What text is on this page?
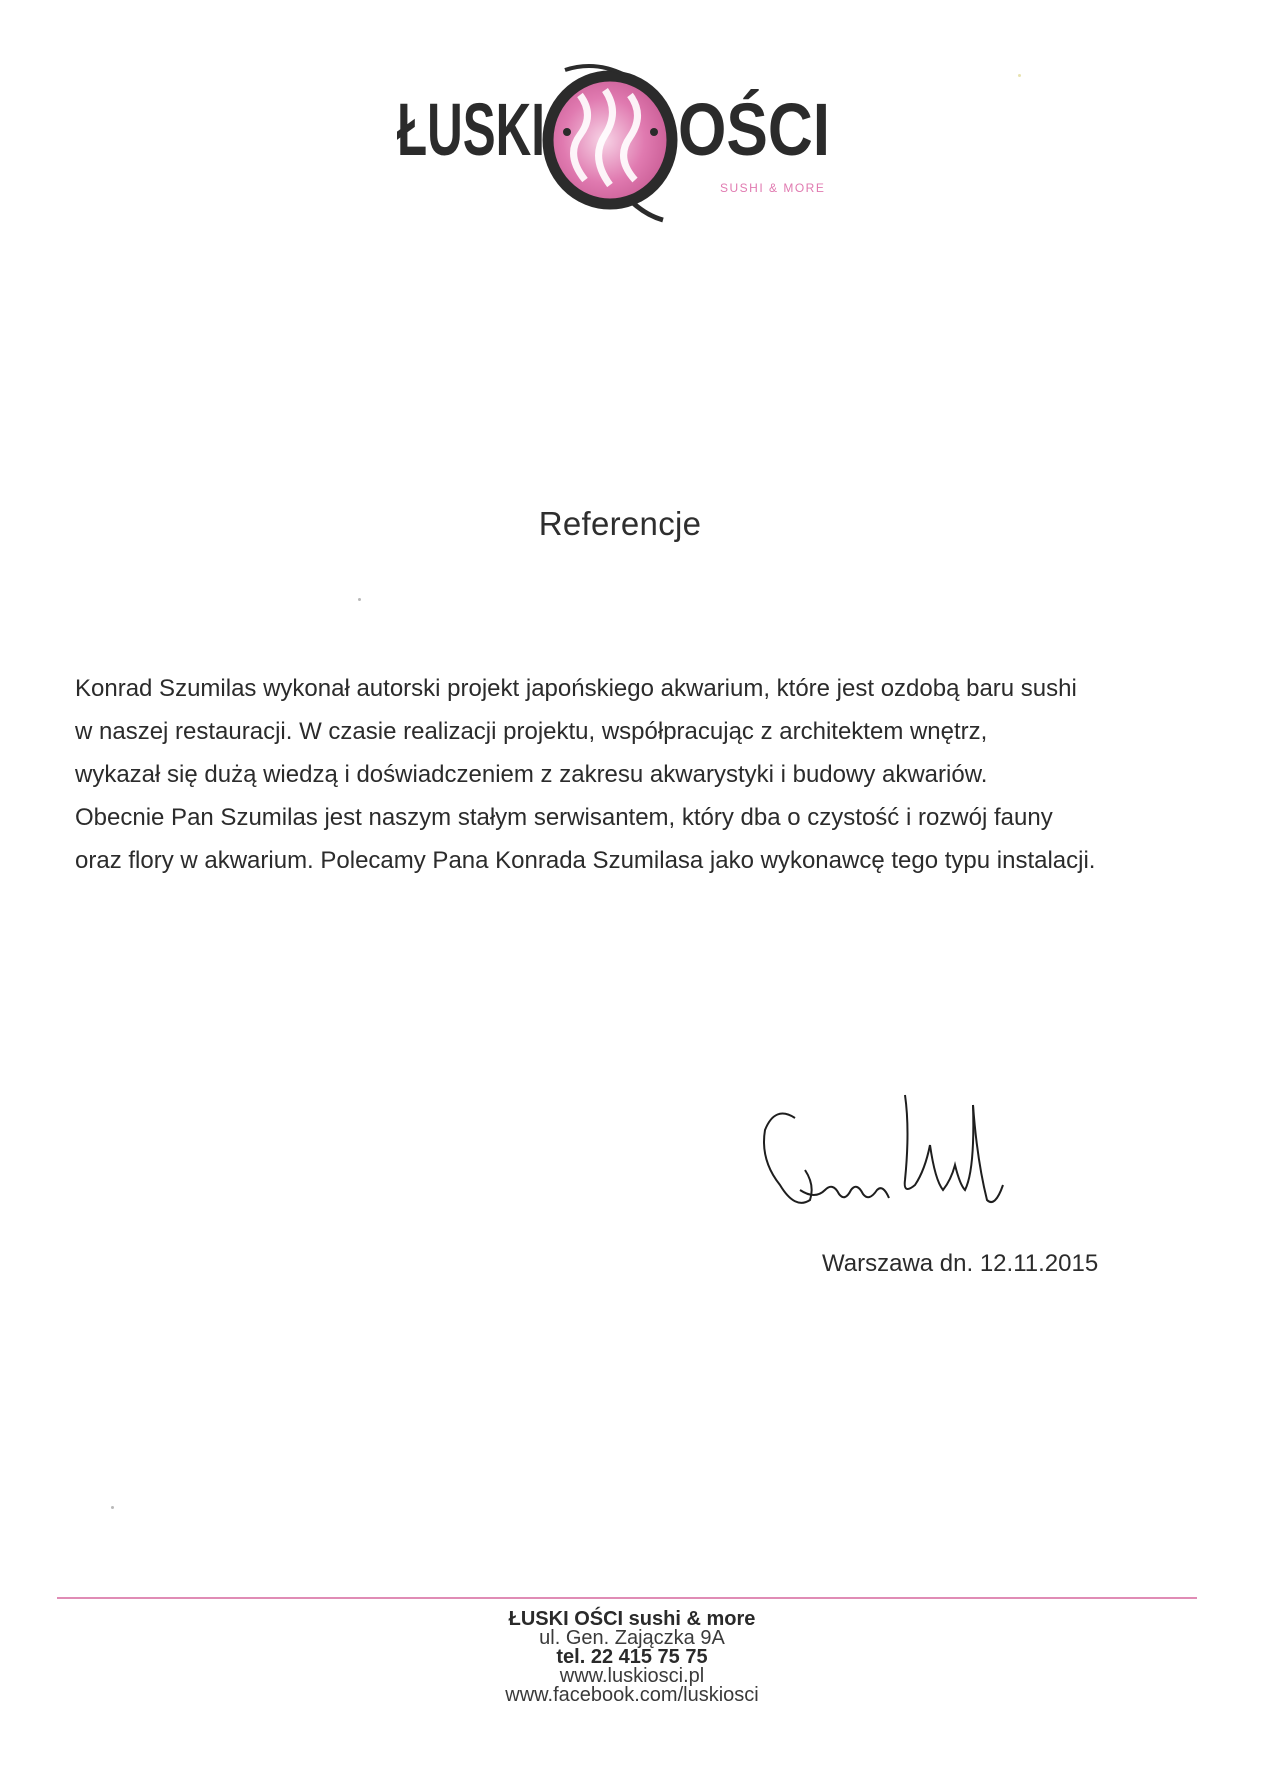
ŁUSKI OŚCI
SUSHI & MORE
Referencje
Konrad Szumilas wykonał autorski projekt japońskiego akwarium, które jest ozdobą baru sushi
w naszej restauracji. W czasie realizacji projektu, współpracując z architektem wnętrz,
wykazał się dużą wiedzą i doświadczeniem z zakresu akwarystyki i budowy akwariów.
Obecnie Pan Szumilas jest naszym stałym serwisantem, który dba o czystość i rozwój fauny
oraz flory w akwarium. Polecamy Pana Konrada Szumilasa jako wykonawcę tego typu instalacji.
Warszawa dn. 12.11.2015
ŁUSKI OŚCI sushi & more
ul. Gen. Zajączka 9A
tel. 22 415 75 75
www.luskiosci.pl
www.facebook.com/luskiosci
